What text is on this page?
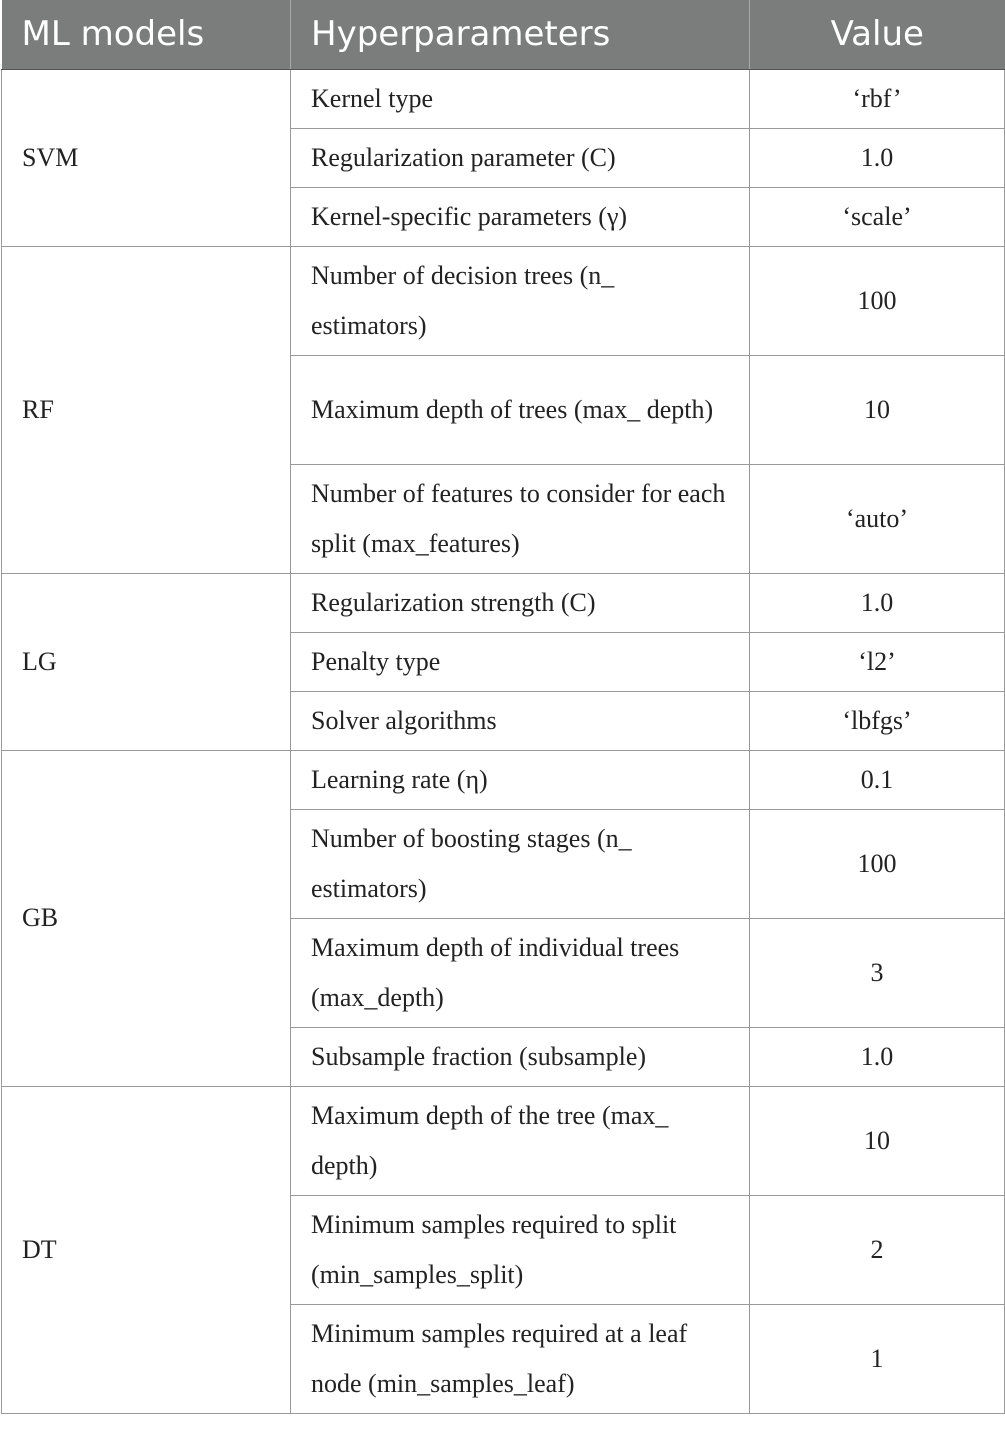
ML models	Hyperparameters	Value
SVM	Kernel type	‘rbf’
	Regularization parameter (C)	1.0
	Kernel-specific parameters (γ)	‘scale’
RF	Number of decision trees (n_ estimators)	100
	Maximum depth of trees (max_ depth)	10
	Number of features to consider for each split (max_features)	‘auto’
LG	Regularization strength (C)	1.0
	Penalty type	‘l2’
	Solver algorithms	‘lbfgs’
GB	Learning rate (η)	0.1
	Number of boosting stages (n_ estimators)	100
	Maximum depth of individual trees (max_depth)	3
	Subsample fraction (subsample)	1.0
DT	Maximum depth of the tree (max_ depth)	10
	Minimum samples required to split (min_samples_split)	2
	Minimum samples required at a leaf node (min_samples_leaf)	1
